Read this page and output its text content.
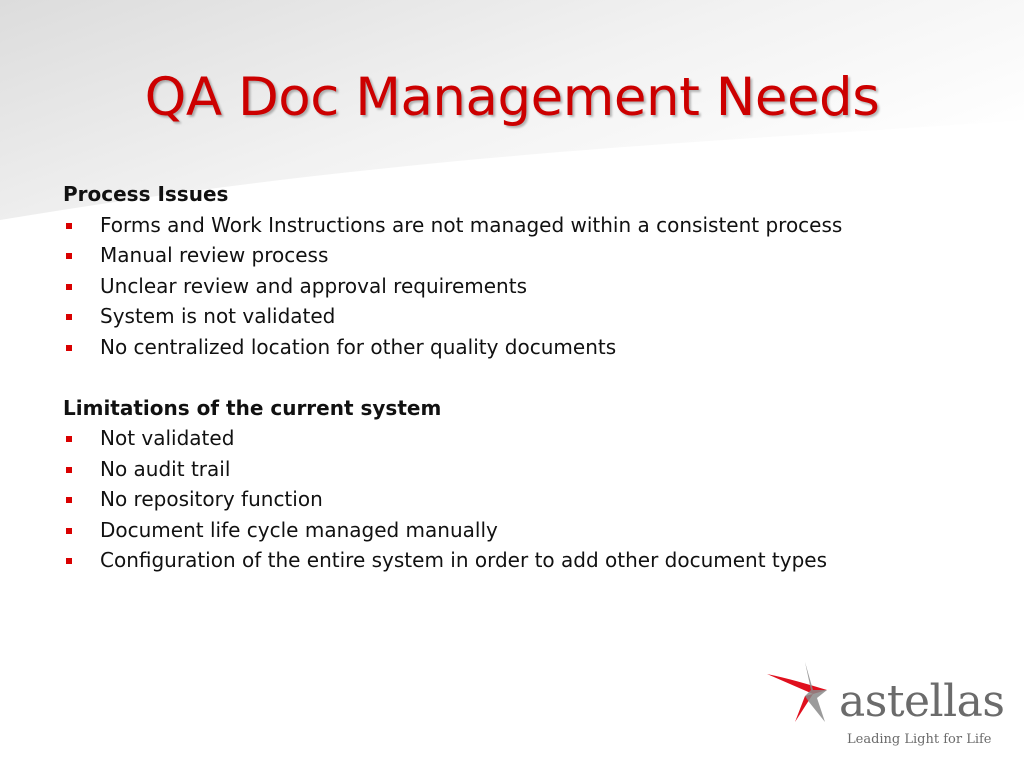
QA Doc Management Needs
Process Issues
Forms and Work Instructions are not managed within a consistent process
Manual review process
Unclear review and approval requirements
System is not validated
No centralized location for other quality documents
Limitations of the current system
Not validated
No audit trail
No repository function
Document life cycle managed manually
Configuration of the entire system in order to add other document types
astellas
Leading Light for Life
